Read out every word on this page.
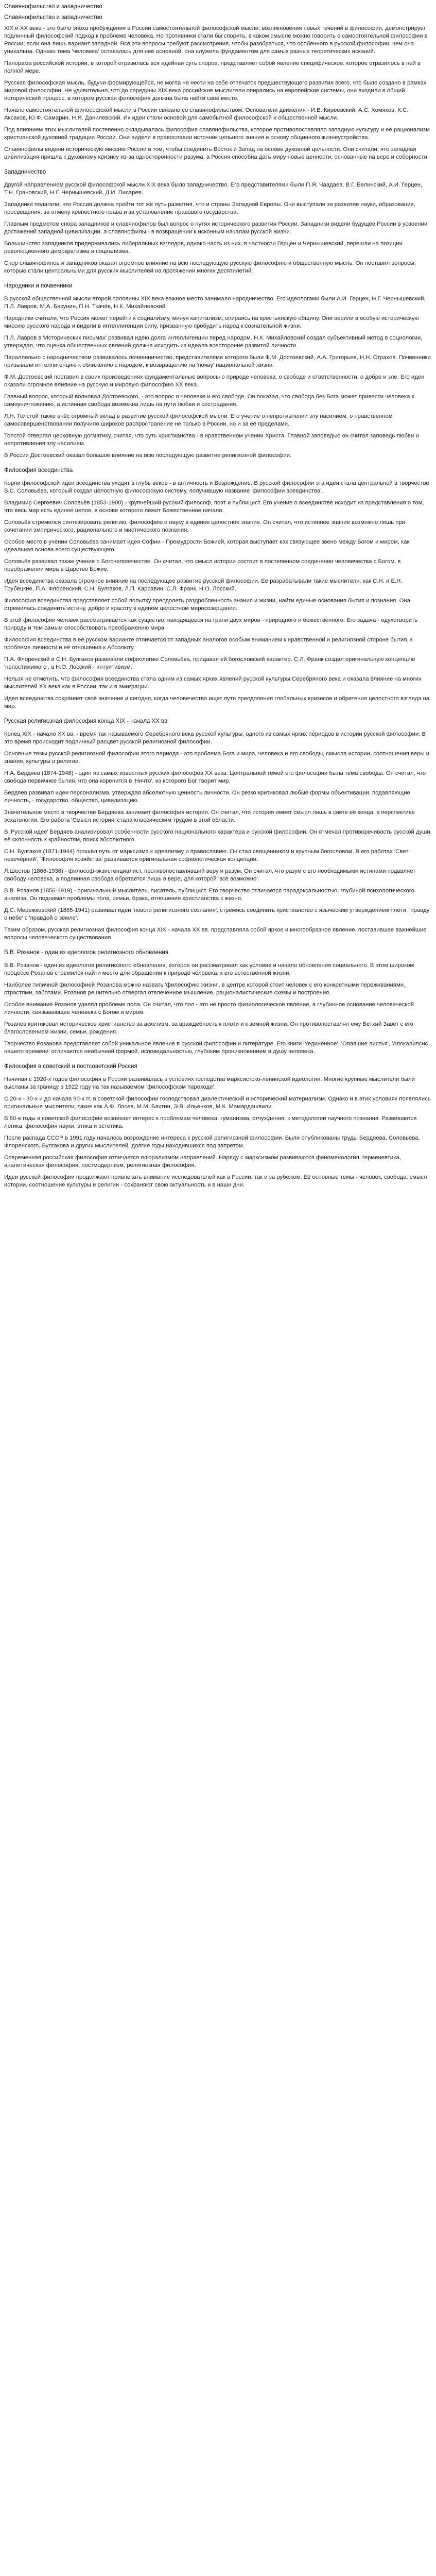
Славянофильство и западничество
Славянофильство и западничество

XIX и XX века - это было эпоха пробуждения в России самостоятельной философской мысли, возникновения новых течений в философии, демонстрирует подлинный философский подход к проблеме человека. Но противники стали бы спорить, в каком смысле можно говорить о самостоятельной философии в России, если она лишь вариант западной. Всё эти вопросы требуют рассмотрения, чтобы разобраться, что особенного в русской философии, чем она уникальна. Однако тема 'человека' оставалась для неё основной, она служила фундаментом для самых разных теоретических исканий.

Панорама российской истории, в которой отразилась вся идейная суть споров, представляет собой явление специфическое, которое отразилось в ней в полной мере.

Русская философская мысль, будучи формирующейся, не могла не нести на себе отпечаток предшествующего развития всего, что было создано в рамках мировой философии. Не удивительно, что до середины XIX века российские мыслители опирались на европейские системы, они входили в общий исторический процесс, в котором русская философия должна была найти своё место.

Начало самостоятельной философской мысли в России связано со славянофильством. Основатели движения - И.В. Киреевский, А.С. Хомяков, К.С. Аксаков, Ю.Ф. Самарин, Н.Я. Данилевский. Их идеи стали основой для самобытной философской и общественной мысли.

Под влиянием этих мыслителей постепенно складывалась философия славянофильства, которое противопоставляло западную культуру и её рационализм христианской духовной традиции России. Они видели в православии источник цельного знания и основу общинного жизнеустройства.

Славянофилы видели историческую миссию России в том, чтобы соединить Восток и Запад на основе духовной цельности. Они считали, что западная цивилизация пришла к духовному кризису из-за односторонности разума, а Россия способна дать миру новые ценности, основанные на вере и соборности.

Западничество

Другой направлением русской философской мысли XIX века было западничество. Его представителями были П.Я. Чаадаев, В.Г. Белинский, А.И. Герцен, Т.Н. Грановский, Н.Г. Чернышевский, Д.И. Писарев.

Западники полагали, что Россия должна пройти тот же путь развития, что и страны Западной Европы. Они выступали за развитие науки, образования, просвещения, за отмену крепостного права и за установление правового государства.

Главным предметом спора западников и славянофилов был вопрос о путях исторического развития России. Западники видели будущее России в усвоении достижений западной цивилизации, а славянофилы - в возвращении к исконным началам русской жизни.

Большинство западников придерживались либеральных взглядов, однако часть из них, в частности Герцен и Чернышевский, перешли на позиции революционного демократизма и социализма.

Спор славянофилов и западников оказал огромное влияние на всю последующую русскую философию и общественную мысль. Он поставил вопросы, которые стали центральными для русских мыслителей на протяжении многих десятилетий.

Народники и почвенники

В русской общественной мысли второй половины XIX века важное место занимало народничество. Его идеологами были А.И. Герцен, Н.Г. Чернышевский, П.Л. Лавров, М.А. Бакунин, П.Н. Ткачёв, Н.К. Михайловский.

Народники считали, что Россия может перейти к социализму, минуя капитализм, опираясь на крестьянскую общину. Они верили в особую историческую миссию русского народа и видели в интеллигенции силу, призванную пробудить народ к сознательной жизни.

П.Л. Лавров в 'Исторических письмах' развивал идею долга интеллигенции перед народом. Н.К. Михайловский создал субъективный метод в социологии, утверждая, что оценка общественных явлений должна исходить из идеала всесторонне развитой личности.

Параллельно с народничеством развивалось почвенничество, представителями которого были Ф.М. Достоевский, А.А. Григорьев, Н.Н. Страхов. Почвенники призывали интеллигенцию к сближению с народом, к возвращению на 'почву' национальной жизни.

Ф.М. Достоевский поставил в своих произведениях фундаментальные вопросы о природе человека, о свободе и ответственности, о добре и зле. Его идеи оказали огромное влияние на русскую и мировую философию XX века.

Главный вопрос, который волновал Достоевского, - это вопрос о человеке и его свободе. Он показал, что свобода без Бога может привести человека к самоуничтожению, а истинная свобода возможна лишь на пути любви и сострадания.

Л.Н. Толстой также внёс огромный вклад в развитие русской философской мысли. Его учение о непротивлении злу насилием, о нравственном самосовершенствовании получило широкое распространение не только в России, но и за её пределами.

Толстой отвергал церковную догматику, считая, что суть христианства - в нравственном учении Христа. Главной заповедью он считал заповедь любви и непротивления злу насилием.

В России Достоевский оказал большое влияние на всю последующую развитие религиозной философии.

Философия всеединства

Корни философской идеи всеединства уходят в глубь веков - в античность и Возрождение. В русской философии эта идея стала центральной в творчестве В.С. Соловьёва, который создал целостную философскую систему, получившую название 'философии всеединства'.

Владимир Сергеевич Соловьёв (1853-1900) - крупнейший русский философ, поэт и публицист. Его учение о всеединстве исходит из представления о том, что весь мир есть единое целое, в основе которого лежит Божественное начало.

Соловьёв стремился синтезировать религию, философию и науку в единое целостное знание. Он считал, что истинное знание возможно лишь при сочетании эмпирического, рационального и мистического познания.

Особое место в учении Соловьёва занимает идея Софии - Премудрости Божией, которая выступает как связующее звено между Богом и миром, как идеальная основа всего существующего.

Соловьёв развивал также учение о Богочеловечестве. Он считал, что смысл истории состоит в постепенном соединении человечества с Богом, в преображении мира в Царство Божие.

Идея всеединства оказала огромное влияние на последующее развитие русской философии. Её разрабатывали такие мыслители, как С.Н. и Е.Н. Трубецкие, П.А. Флоренский, С.Н. Булгаков, Л.П. Карсавин, С.Л. Франк, Н.О. Лосский.

Философия всеединства представляет собой попытку преодолеть раздробленность знания и жизни, найти единые основания бытия и познания. Она стремилась соединить истину, добро и красоту в едином целостном миросозерцании.

В этой философии человек рассматривается как существо, находящееся на грани двух миров - природного и божественного. Его задача - одухотворить природу и тем самым способствовать преображению мира.

Философия всеединства в её русском варианте отличается от западных аналогов особым вниманием к нравственной и религиозной стороне бытия, к проблеме личности и её отношения к Абсолюту.

П.А. Флоренский и С.Н. Булгаков развивали софиологию Соловьёва, придавая ей богословский характер. С.Л. Франк создал оригинальную концепцию 'непостижимого', а Н.О. Лосский - интуитивизм.

Нельзя не отметить, что философия всеединства стала одним из самых ярких явлений русской культуры Серебряного века и оказала влияние на многих мыслителей XX века как в России, так и в эмиграции.

Идея всеединства сохраняет своё значение и сегодня, когда человечество ищет пути преодоления глобальных кризисов и обретения целостного взгляда на мир.

Русская религиозная философия конца XIX - начала XX вв

Конец XIX - начало XX вв. - время так называемого Серебряного века русской культуры, одного из самых ярких периодов в истории русской философии. В это время происходит подлинный расцвет русской религиозной философии.

Основные темы русской религиозной философии этого периода - это проблема Бога и мира, человека и его свободы, смысла истории, соотношения веры и знания, культуры и религии.

Н.А. Бердяев (1874-1948) - один из самых известных русских философов XX века. Центральной темой его философии была тема свободы. Он считал, что свобода первичнее бытия, что она коренится в 'Ничто', из которого Бог творит мир.

Бердяев развивал идеи персонализма, утверждая абсолютную ценность личности. Он резко критиковал любые формы объективации, подавляющие личность, - государство, общество, цивилизацию.

Значительное место в творчестве Бердяева занимает философия истории. Он считал, что история имеет смысл лишь в свете её конца, в перспективе эсхатологии. Его работа 'Смысл истории' стала классическим трудом в этой области.

В 'Русской идее' Бердяев анализировал особенности русского национального характера и русской философии. Он отмечал противоречивость русской души, её склонность к крайностям, поиск абсолютного.

С.Н. Булгаков (1871-1944) прошёл путь от марксизма к идеализму и православию. Он стал священником и крупным богословом. В его работах 'Свет невечерний', 'Философия хозяйства' развивается оригинальная софиологическая концепция.

Л.Шестов (1866-1938) - философ-экзистенциалист, противопоставлявший веру и разум. Он считал, что разум с его необходимыми истинами подавляет свободу человека, а подлинная свобода обретается лишь в вере, для которой 'всё возможно'.

В.В. Розанов (1856-1919) - оригинальный мыслитель, писатель, публицист. Его творчество отличается парадоксальностью, глубиной психологического анализа. Он поднимал проблемы пола, семьи, брака, отношения христианства к жизни.

Д.С. Мережковский (1865-1941) развивал идеи 'нового религиозного сознания', стремясь соединить христианство с языческим утверждением плоти, 'правду о небе' с 'правдой о земле'.

Таким образом, русская религиозная философия конца XIX - начала XX вв. представляла собой яркое и многообразное явление, поставившее важнейшие вопросы человеческого существования.

В.В. Розанов - один из идеологов религиозного обновления

В.В. Розанов - один из идеологов религиозного обновления, которое он рассматривал как условие и начало обновления социального. В этом широком процессе Розанов стремился найти место для обращения к природе человека, к его естественной жизни.

Наиболее типичной философией Розанова можно назвать 'философию жизни', в центре которой стоит человек с его конкретными переживаниями, страстями, заботами. Розанов решительно отвергал отвлечённое мышление, рационалистические схемы и построения.

Особое внимание Розанов уделял проблеме пола. Он считал, что пол - это не просто физиологическое явление, а глубинное основание человеческой личности, связывающее человека с Богом и миром.

Розанов критиковал историческое христианство за аскетизм, за враждебность к плоти и к земной жизни. Он противопоставлял ему Ветхий Завет с его благословением жизни, семьи, рождения.

Творчество Розанова представляет собой уникальное явление в русской философии и литературе. Его книги 'Уединённое', 'Опавшие листья', 'Апокалипсис нашего времени' отличаются необычной формой, исповедальностью, глубоким проникновением в душу человека.

Философия в советский и постсоветский Россия

Начиная с 1920-х годов философия в России развивалась в условиях господства марксистско-ленинской идеологии. Многие крупные мыслители были высланы за границу в 1922 году на так называемом 'философском пароходе'.

С 20-х - 30-х и до начала 90-х гг. в советской философии господствовал диалектический и исторический материализм. Однако и в этих условиях появлялись оригинальные мыслители, такие как А.Ф. Лосев, М.М. Бахтин, Э.В. Ильенков, М.К. Мамардашвили.

В 60-е годы в советской философии возникает интерес к проблемам человека, гуманизма, отчуждения, к методологии научного познания. Развиваются логика, философия науки, этика и эстетика.

После распада СССР в 1991 году началось возрождение интереса к русской религиозной философии. Были опубликованы труды Бердяева, Соловьёва, Флоренского, Булгакова и других мыслителей, долгие годы находившихся под запретом.

Современная российская философия отличается плюрализмом направлений. Наряду с марксизмом развиваются феноменология, герменевтика, аналитическая философия, постмодернизм, религиозная философия.

Идеи русской философии продолжают привлекать внимание исследователей как в России, так и за рубежом. Её основные темы - человек, свобода, смысл истории, соотношение культуры и религии - сохраняют свою актуальность и в наши дни.
